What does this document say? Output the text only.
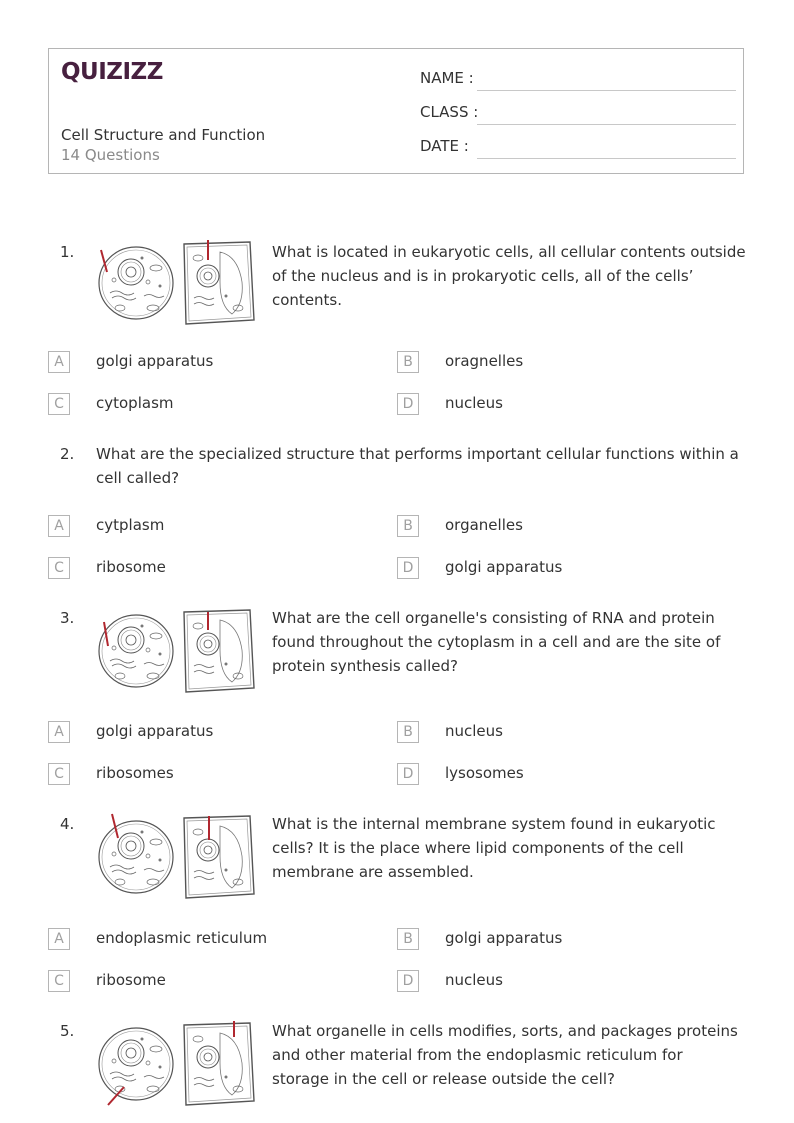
QUIZIZZ
Cell Structure and Function
14 Questions
NAME :
CLASS :
DATE :
1.	What is located in eukaryotic cells, all cellular contents outside of the nucleus and is in prokaryotic cells, all of the cells’ contents.
A	golgi apparatus	B	oragnelles
C	cytoplasm	D	nucleus
2. What are the specialized structure that performs important cellular functions within a cell called?
A	cytplasm	B	organelles
C	ribosome	D	golgi apparatus
3.	What are the cell organelle's consisting of RNA and protein found throughout the cytoplasm in a cell and are the site of protein synthesis called?
A	golgi apparatus	B	nucleus
C	ribosomes	D	lysosomes
4.	What is the internal membrane system found in eukaryotic cells? It is the place where lipid components of the cell membrane are assembled.
A	endoplasmic reticulum	B	golgi apparatus
C	ribosome	D	nucleus
5.	What organelle in cells modifies, sorts, and packages proteins and other material from the endoplasmic reticulum for storage in the cell or release outside the cell?
